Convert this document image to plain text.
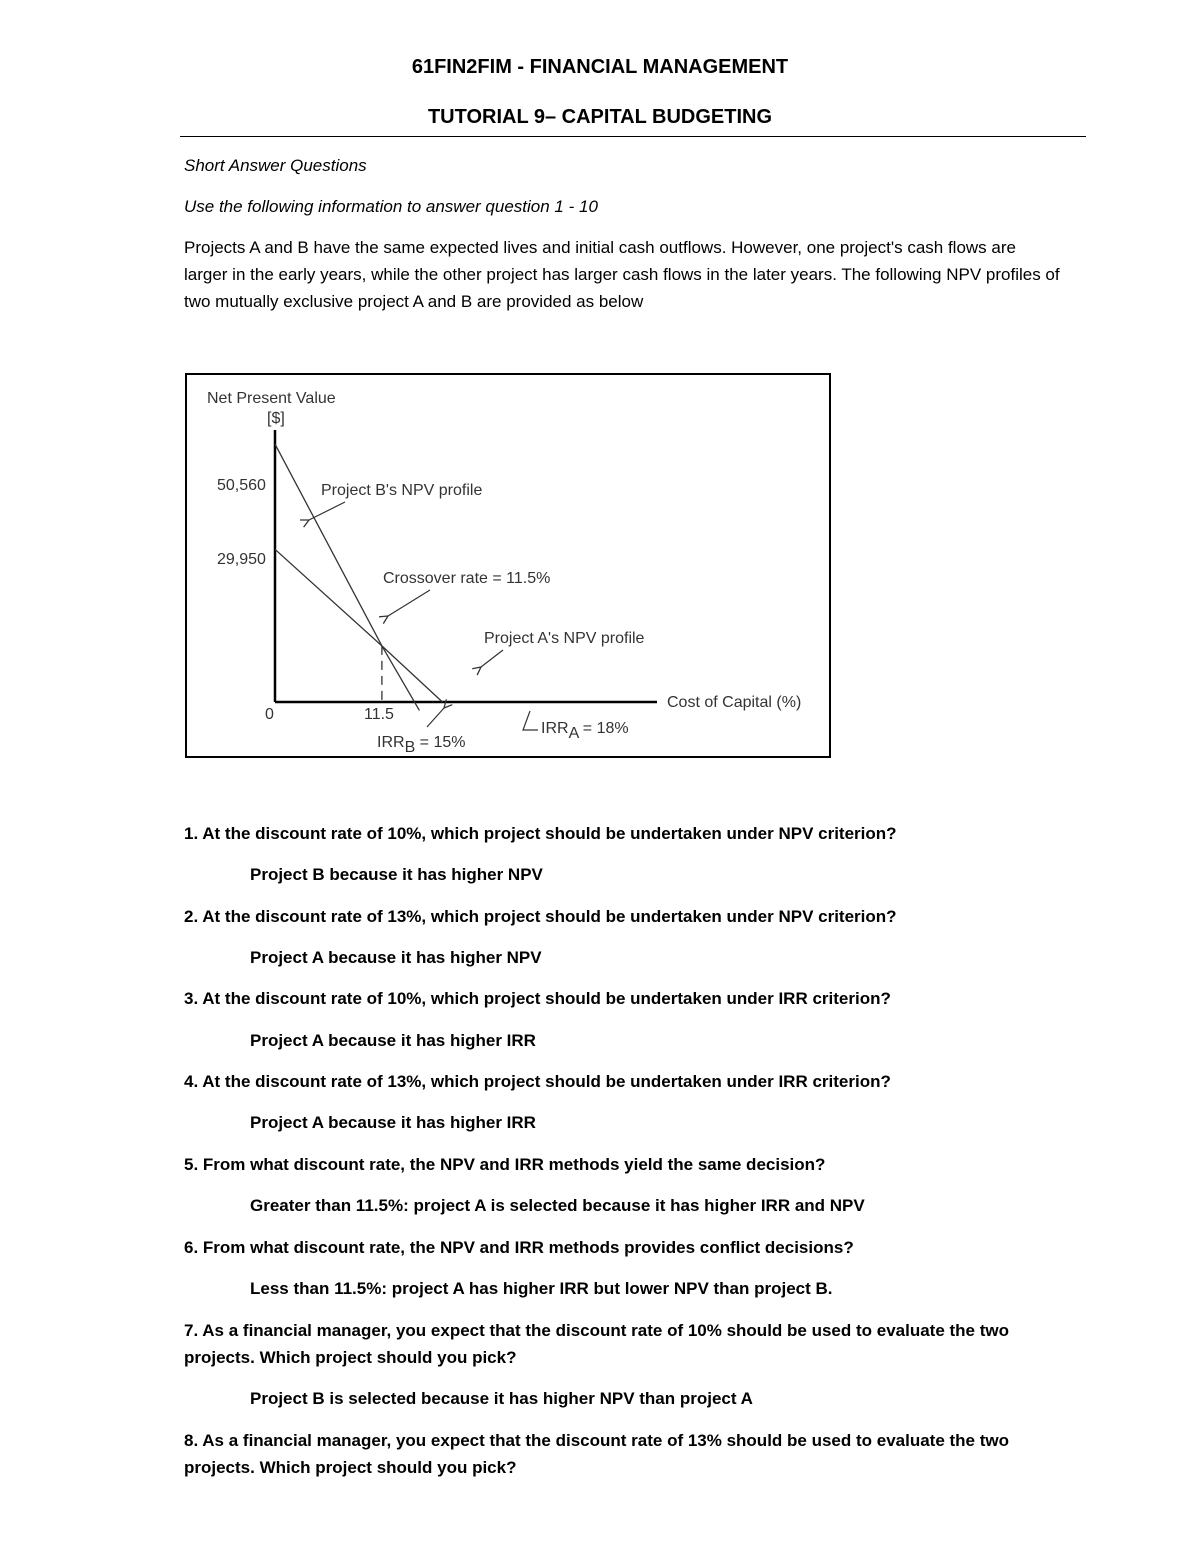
61FIN2FIM - FINANCIAL MANAGEMENT
TUTORIAL 9– CAPITAL BUDGETING
Short Answer Questions
Use the following information to answer question 1 - 10
Projects A and B have the same expected lives and initial cash outflows. However, one project's cash flows are larger in the early years, while the other project has larger cash flows in the later years. The following NPV profiles of two mutually exclusive project A and B are provided as below
Net Present Value
[$]
50,560
29,950
0	11.5
Cost of Capital (%)
Project B's NPV profile
Crossover rate = 11.5%
Project A's NPV profile
IRRB = 15%
IRRA = 18%
1. At the discount rate of 10%, which project should be undertaken under NPV criterion?
Project B because it has higher NPV
2. At the discount rate of 13%, which project should be undertaken under NPV criterion?
Project A because it has higher NPV
3. At the discount rate of 10%, which project should be undertaken under IRR criterion?
Project A because it has higher IRR
4. At the discount rate of 13%, which project should be undertaken under IRR criterion?
Project A because it has higher IRR
5. From what discount rate, the NPV and IRR methods yield the same decision?
Greater than 11.5%: project A is selected because it has higher IRR and NPV
6. From what discount rate, the NPV and IRR methods provides conflict decisions?
Less than 11.5%: project A has higher IRR but lower NPV than project B.
7. As a financial manager, you expect that the discount rate of 10% should be used to evaluate the two
projects. Which project should you pick?
Project B is selected because it has higher NPV than project A
8. As a financial manager, you expect that the discount rate of 13% should be used to evaluate the two
projects. Which project should you pick?
